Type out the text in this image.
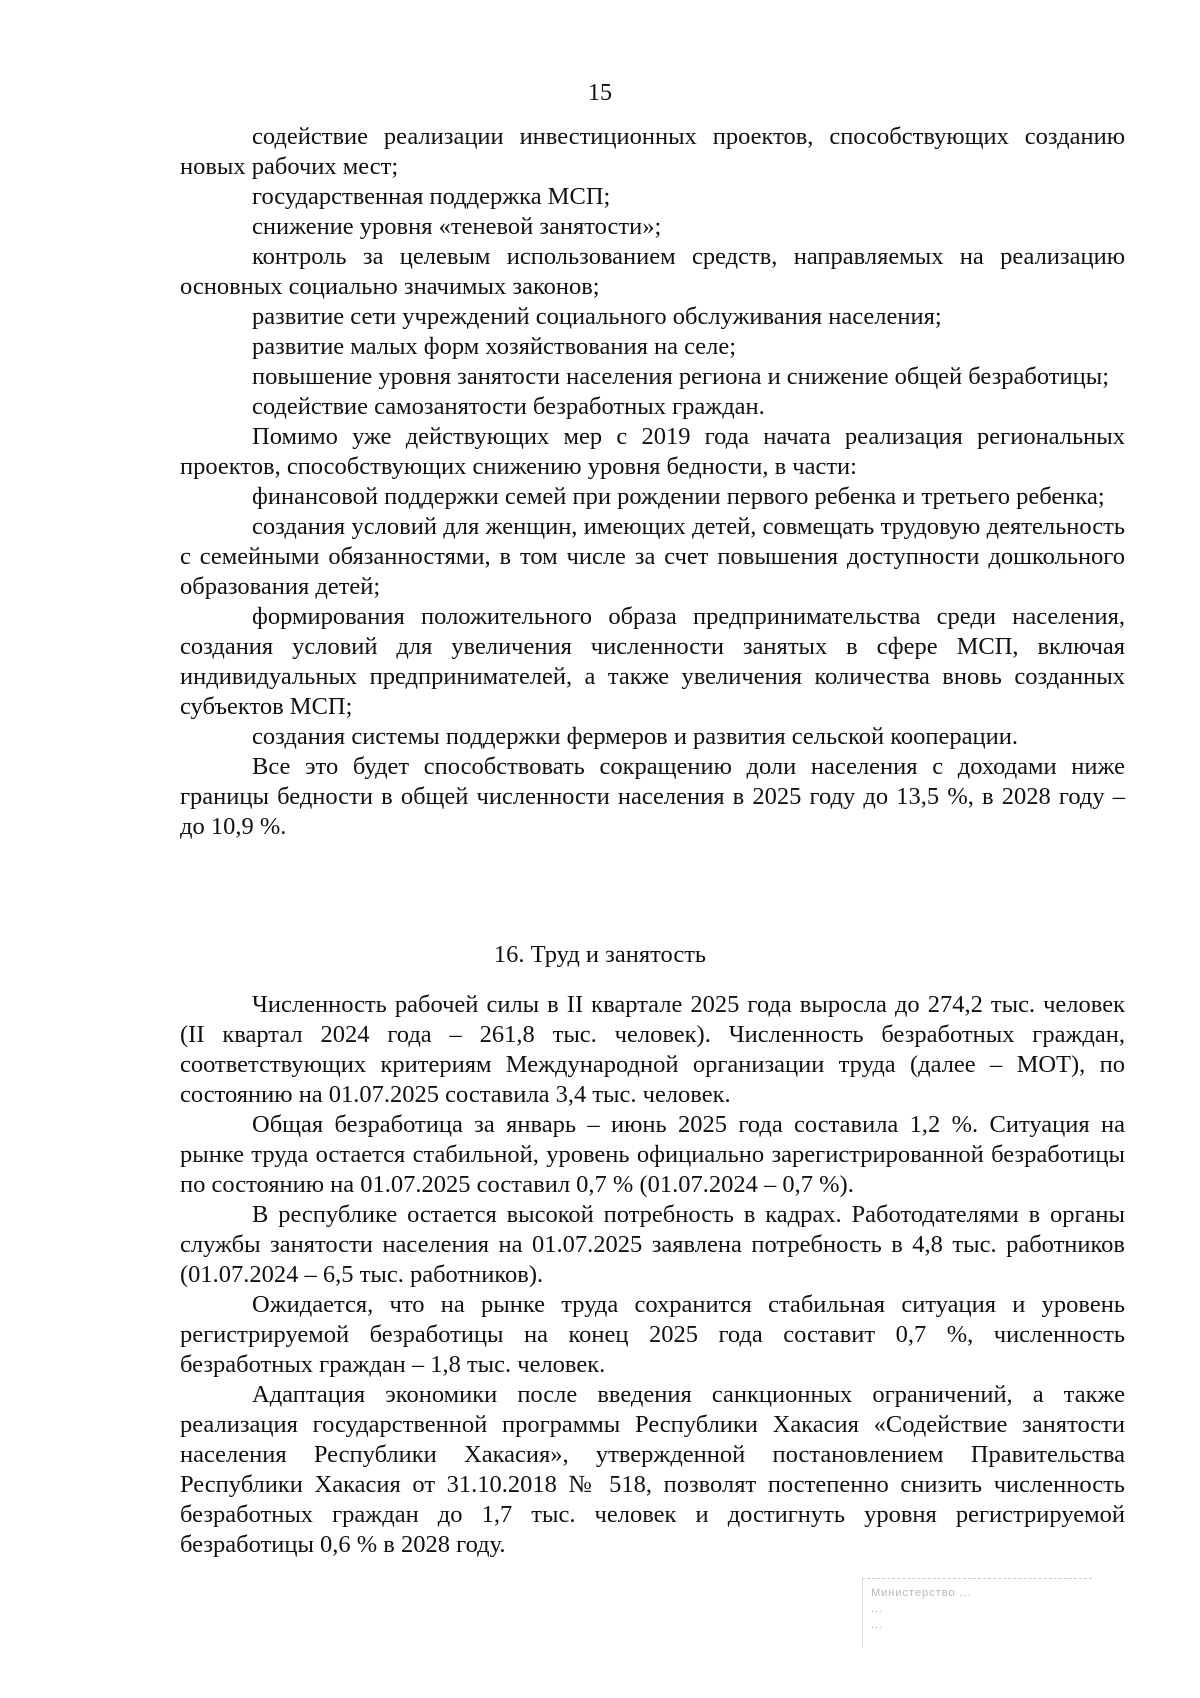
15

содействие реализации инвестиционных проектов, способствующих созданию новых рабочих мест;

государственная поддержка МСП;

снижение уровня «теневой занятости»;

контроль за целевым использованием средств, направляемых на реализацию основных социально значимых законов;

развитие сети учреждений социального обслуживания населения;

развитие малых форм хозяйствования на селе;

повышение уровня занятости населения региона и снижение общей безработицы;

содействие самозанятости безработных граждан.

Помимо уже действующих мер с 2019 года начата реализация региональных проектов, способствующих снижению уровня бедности, в части:

финансовой поддержки семей при рождении первого ребенка и третьего ребенка;

создания условий для женщин, имеющих детей, совмещать трудовую деятельность с семейными обязанностями, в том числе за счет повышения доступности дошкольного образования детей;

формирования положительного образа предпринимательства среди населения, создания условий для увеличения численности занятых в сфере МСП, включая индивидуальных предпринимателей, а также увеличения количества вновь созданных субъектов МСП;

создания системы поддержки фермеров и развития сельской кооперации.

Все это будет способствовать сокращению доли населения с доходами ниже границы бедности в общей численности населения в 2025 году до 13,5 %, в 2028 году – до 10,9 %.

16. Труд и занятость

Численность рабочей силы в II квартале 2025 года выросла до 274,2 тыс. человек (II квартал 2024 года – 261,8 тыс. человек). Численность безработных граждан, соответствующих критериям Международной организации труда (далее – МОТ), по состоянию на 01.07.2025 составила 3,4 тыс. человек.

Общая безработица за январь – июнь 2025 года составила 1,2 %. Ситуация на рынке труда остается стабильной, уровень официально зарегистрированной безработицы по состоянию на 01.07.2025 составил 0,7 % (01.07.2024 – 0,7 %).

В республике остается высокой потребность в кадрах. Работодателями в органы службы занятости населения на 01.07.2025 заявлена потребность в 4,8 тыс. работников (01.07.2024 – 6,5 тыс. работников).

Ожидается, что на рынке труда сохранится стабильная ситуация и уровень регистрируемой безработицы на конец 2025 года составит 0,7 %, численность безработных граждан – 1,8 тыс. человек.

Адаптация экономики после введения санкционных ограничений, а также реализация государственной программы Республики Хакасия «Содействие занятости населения Республики Хакасия», утвержденной постановлением Правительства Республики Хакасия от 31.10.2018 № 518, позволят постепенно снизить численность безработных граждан до 1,7 тыс. человек и достигнуть уровня регистрируемой безработицы 0,6 % в 2028 году.

Министерство ...
...
...
